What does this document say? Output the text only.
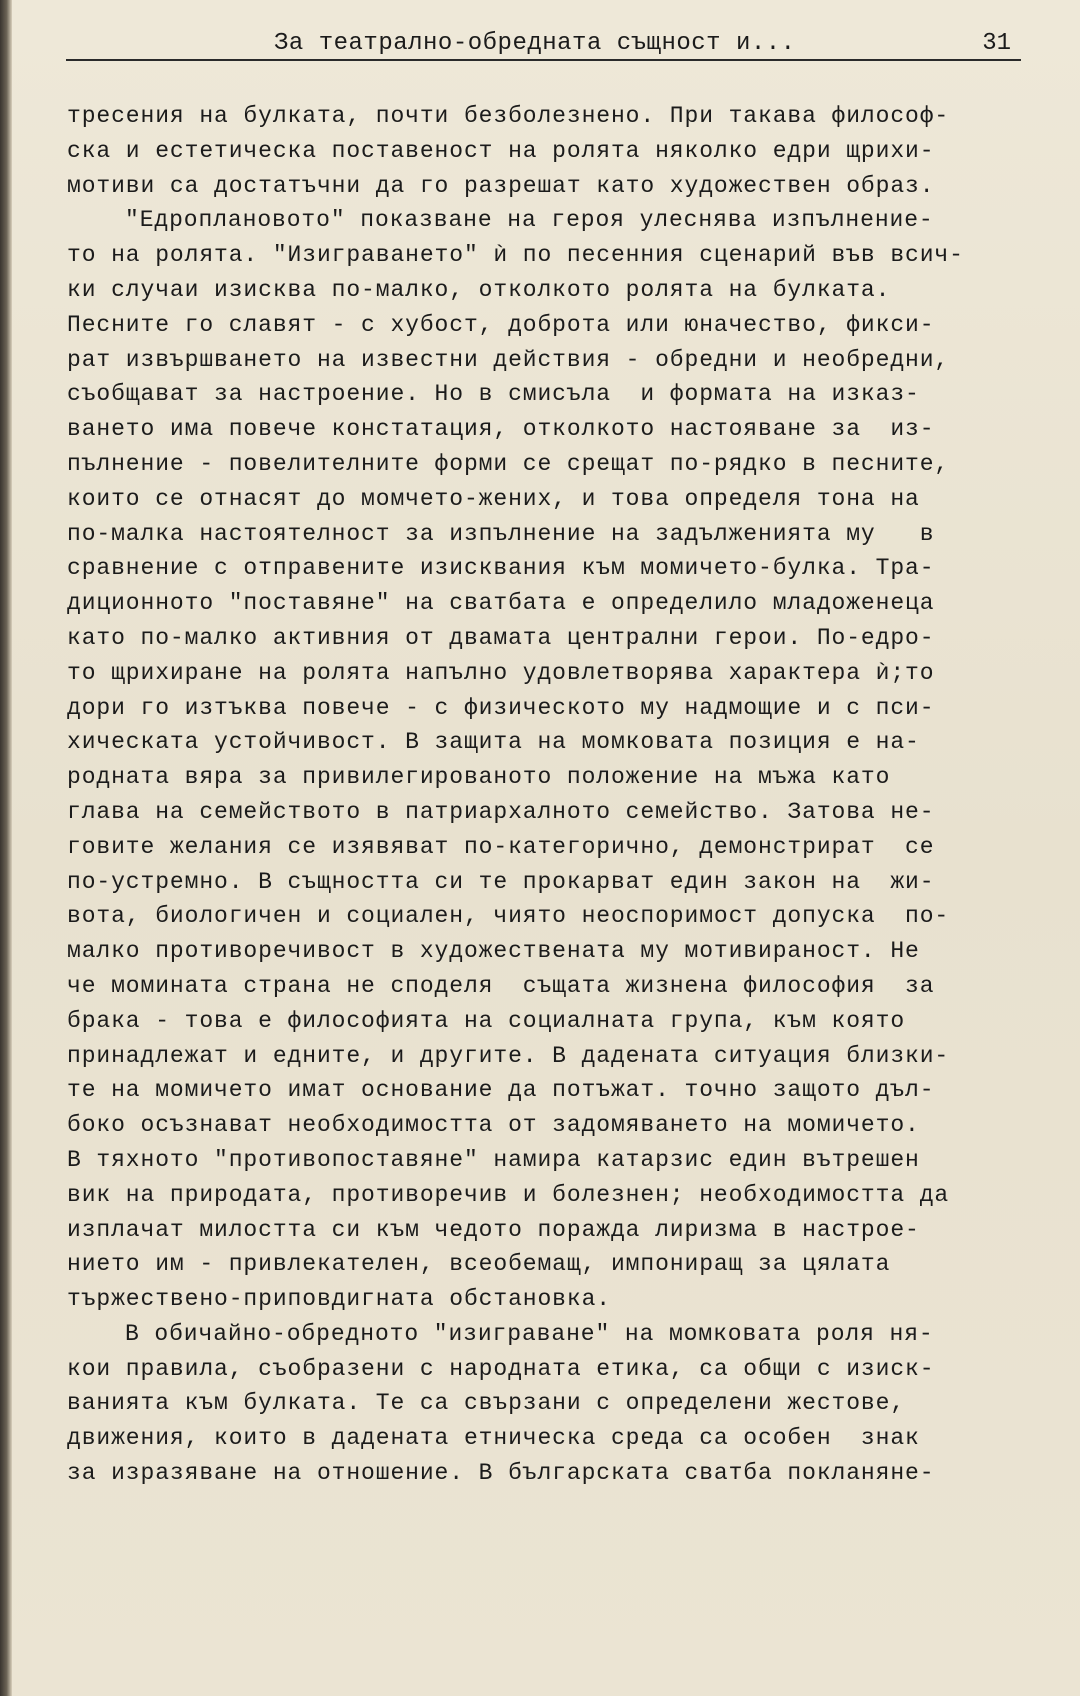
За театрално-обредната същност и...	31
тресения на булката, почти безболезнено. При такава философ-
ска и естетическа поставеност на ролята няколко едри щрихи-
мотиви са достатъчни да го разрешат като художествен образ.
"Едроплановото" показване на героя улеснява изпълнение-
то на ролята. "Изиграването" ѝ по песенния сценарий във всич-
ки случаи изисква по-малко, отколкото ролята на булката.
Песните го славят - с хубост, доброта или юначество, фикси-
рат извършването на известни действия - обредни и необредни,
съобщават за настроение. Но в смисъла  и формата на изказ-
ването има повече констатация, отколкото настояване за  из-
пълнение - повелителните форми се срещат по-рядко в песните,
които се отнасят до момчето-жених, и това определя тона на
по-малка настоятелност за изпълнение на задълженията му   в
сравнение с отправените изисквания към момичето-булка. Тра-
диционното "поставяне" на сватбата е определило младоженеца
като по-малко активния от двамата централни герои. По-едро-
то щрихиране на ролята напълно удовлетворява характера ѝ;то
дори го изтъква повече - с физическото му надмощие и с пси-
хическата устойчивост. В защита на момковата позиция е на-
родната вяра за привилегированото положение на мъжа като
глава на семейството в патриархалното семейство. Затова не-
говите желания се изявяват по-категорично, демонстрират  се
по-устремно. В същността си те прокарват един закон на  жи-
вота, биологичен и социален, чиято неоспоримост допуска  по-
малко противоречивост в художествената му мотивираност. Не
че момината страна не споделя  същата жизнена философия  за
брака - това е философията на социалната група, към която
принадлежат и едните, и другите. В дадената ситуация близки-
те на момичето имат основание да потъжат. точно защото дъл-
боко осъзнават необходимостта от задомяването на момичето.
В тяхното "противопоставяне" намира катарзис един вътрешен
вик на природата, противоречив и болезнен; необходимостта да
изплачат милостта си към чедото поражда лиризма в настрое-
нието им - привлекателен, всеобемащ, импониращ за цялата
тържествено-приповдигната обстановка.
В обичайно-обредното "изиграване" на момковата роля ня-
кои правила, съобразени с народната етика, са общи с изиск-
ванията към булката. Те са свързани с определени жестове,
движения, които в дадената етническа среда са особен  знак
за изразяване на отношение. В българската сватба покланяне-
